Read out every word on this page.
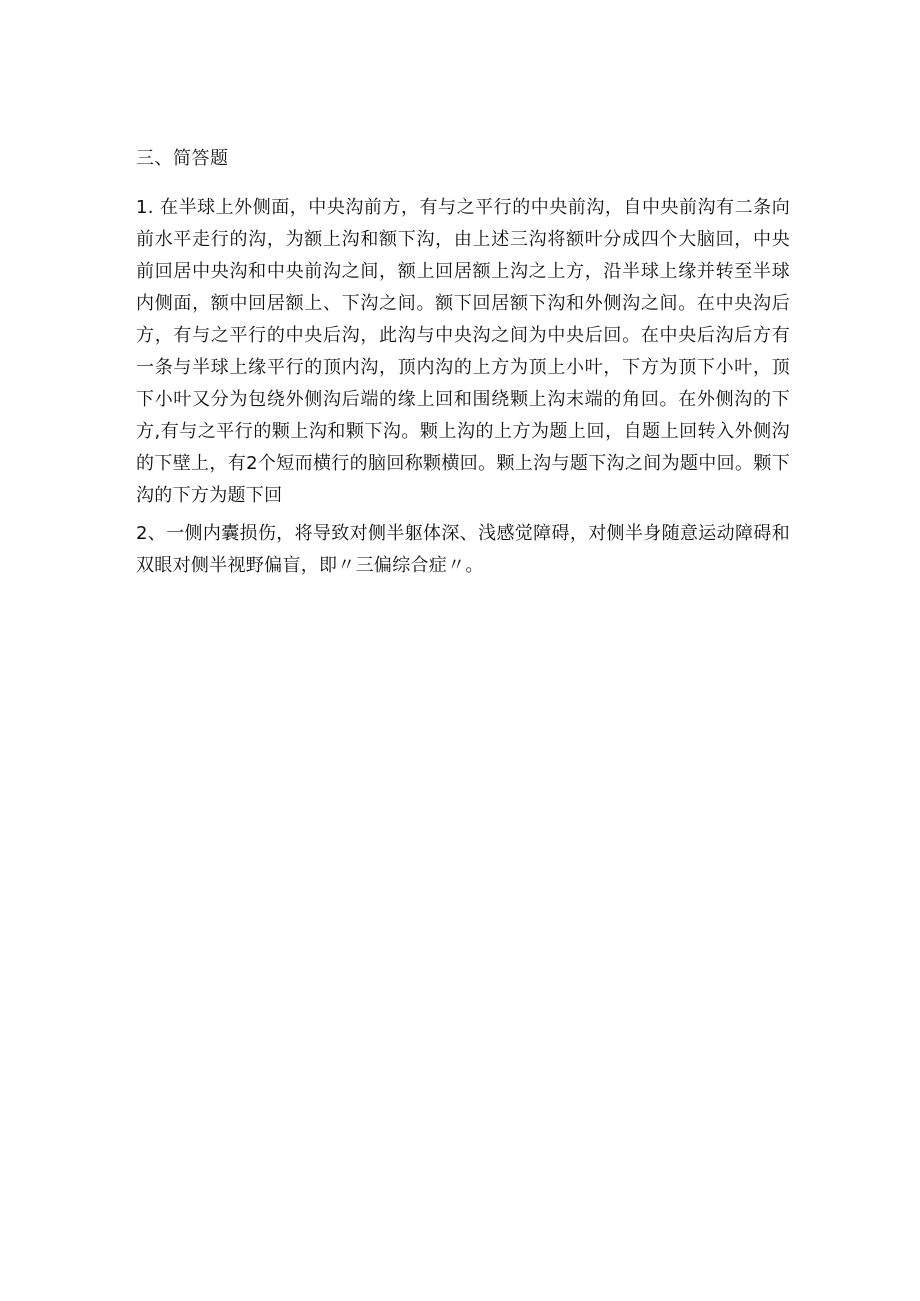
三、简答题

1. 在半球上外侧面，中央沟前方，有与之平行的中央前沟，自中央前沟有二条向前水平走行的沟，为额上沟和额下沟，由上述三沟将额叶分成四个大脑回，中央前回居中央沟和中央前沟之间，额上回居额上沟之上方，沿半球上缘并转至半球内侧面，额中回居额上、下沟之间。额下回居额下沟和外侧沟之间。在中央沟后方，有与之平行的中央后沟，此沟与中央沟之间为中央后回。在中央后沟后方有一条与半球上缘平行的顶内沟，顶内沟的上方为顶上小叶，下方为顶下小叶，顶下小叶又分为包绕外侧沟后端的缘上回和围绕颗上沟末端的角回。在外侧沟的下方,有与之平行的颗上沟和颗下沟。颗上沟的上方为题上回，自题上回转入外侧沟的下壁上，有2个短而横行的脑回称颗横回。颗上沟与题下沟之间为题中回。颗下沟的下方为题下回

2、一侧内囊损伤，将导致对侧半躯体深、浅感觉障碍，对侧半身随意运动障碍和双眼对侧半视野偏盲，即〃三偏综合症〃。
